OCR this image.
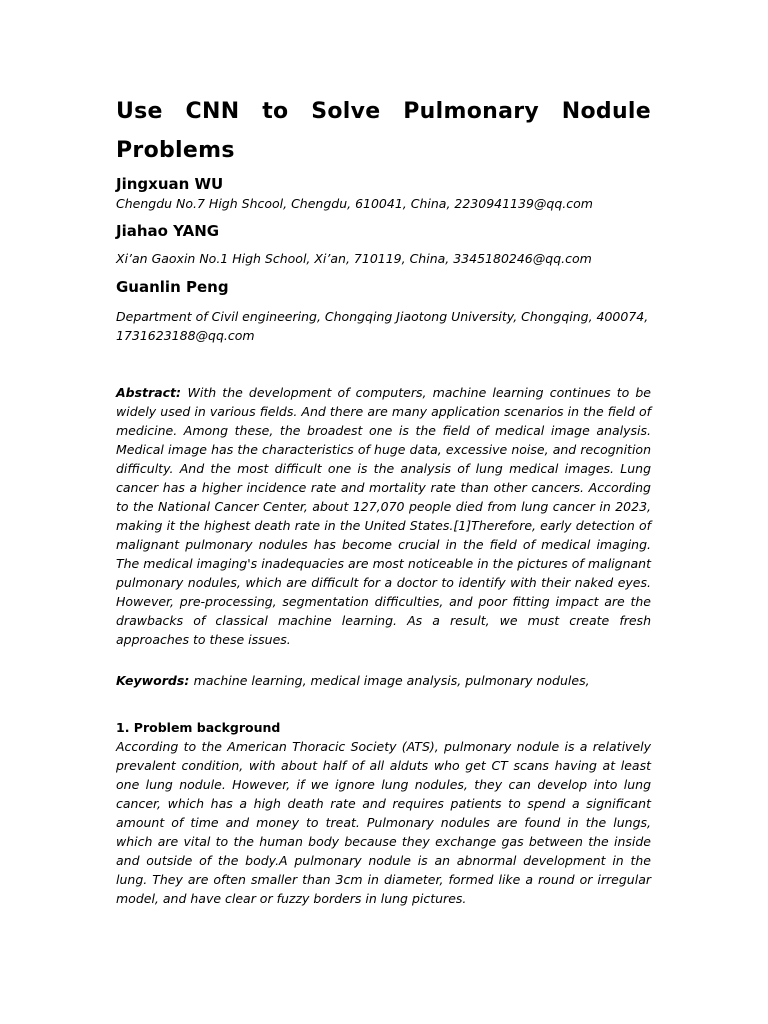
Use CNN to Solve Pulmonary Nodule Problems
Jingxuan WU
Chengdu No.7 High Shcool, Chengdu, 610041, China, 2230941139@qq.com
Jiahao YANG
Xi’an Gaoxin No.1 High School, Xi’an, 710119, China, 3345180246@qq.com
Guanlin Peng
Department of Civil engineering, Chongqing Jiaotong University, Chongqing, 400074, 1731623188@qq.com
Abstract: With the development of computers, machine learning continues to be widely used in various fields. And there are many application scenarios in the field of medicine. Among these, the broadest one is the field of medical image analysis. Medical image has the characteristics of huge data, excessive noise, and recognition difficulty. And the most difficult one is the analysis of lung medical images. Lung cancer has a higher incidence rate and mortality rate than other cancers. According to the National Cancer Center, about 127,070 people died from lung cancer in 2023, making it the highest death rate in the United States.[1]Therefore, early detection of malignant pulmonary nodules has become crucial in the field of medical imaging. The medical imaging's inadequacies are most noticeable in the pictures of malignant pulmonary nodules, which are difficult for a doctor to identify with their naked eyes. However, pre-processing, segmentation difficulties, and poor fitting impact are the drawbacks of classical machine learning. As a result, we must create fresh approaches to these issues.
Keywords: machine learning, medical image analysis, pulmonary nodules,
1. Problem background

According to the American Thoracic Society (ATS), pulmonary nodule is a relatively prevalent condition, with about half of all alduts who get CT scans having at least one lung nodule. However, if we ignore lung nodules, they can develop into lung cancer, which has a high death rate and requires patients to spend a significant amount of time and money to treat. Pulmonary nodules are found in the lungs, which are vital to the human body because they exchange gas between the inside and outside of the body.A pulmonary nodule is an abnormal development in the lung. They are often smaller than 3cm in diameter, formed like a round or irregular model, and have clear or fuzzy borders in lung pictures.
